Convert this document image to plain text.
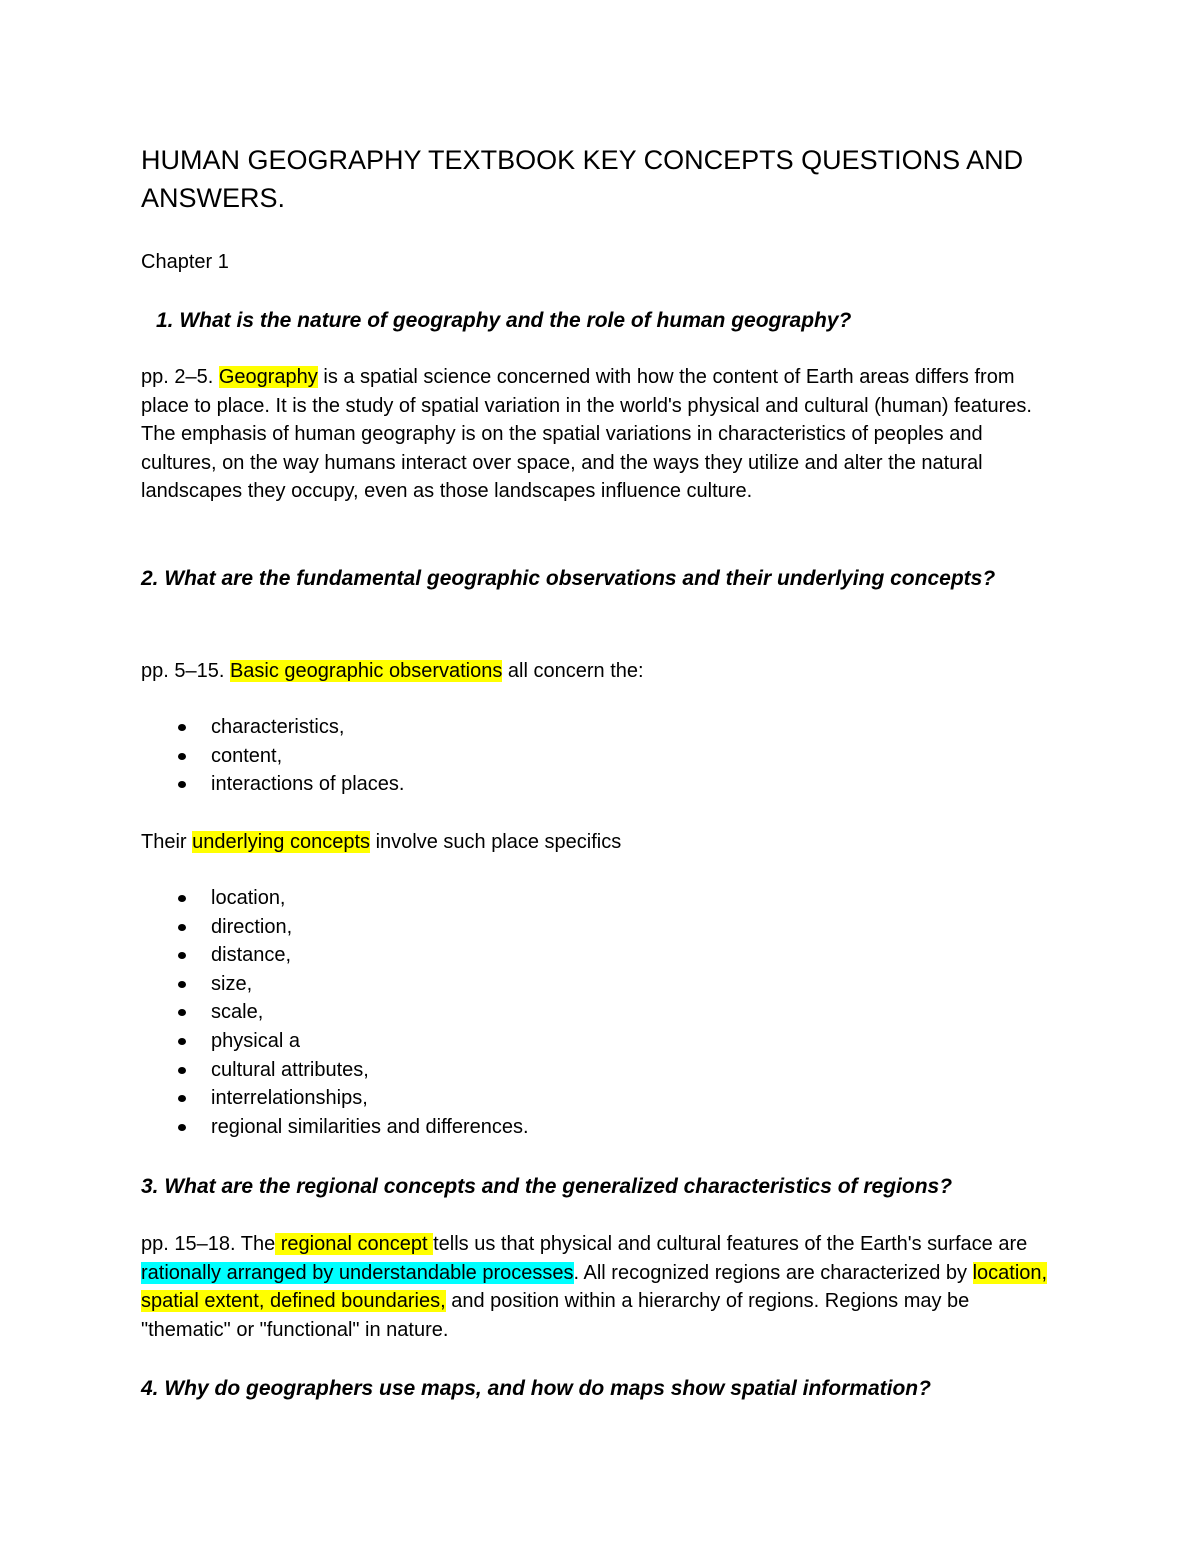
HUMAN GEOGRAPHY TEXTBOOK KEY CONCEPTS QUESTIONS AND ANSWERS.

Chapter 1

1. What is the nature of geography and the role of human geography?

pp. 2–5. Geography is a spatial science concerned with how the content of Earth areas differs from place to place. It is the study of spatial variation in the world's physical and cultural (human) features. The emphasis of human geography is on the spatial variations in characteristics of peoples and cultures, on the way humans interact over space, and the ways they utilize and alter the natural landscapes they occupy, even as those landscapes influence culture.

2. What are the fundamental geographic observations and their underlying concepts?

pp. 5–15. Basic geographic observations all concern the:

characteristics,
content,
interactions of places.

Their underlying concepts involve such place specifics

location,
direction,
distance,
size,
scale,
physical a
cultural attributes,
interrelationships,
regional similarities and differences.

3. What are the regional concepts and the generalized characteristics of regions?

pp. 15–18. The regional concept tells us that physical and cultural features of the Earth's surface are rationally arranged by understandable processes. All recognized regions are characterized by location, spatial extent, defined boundaries, and position within a hierarchy of regions. Regions may be "thematic" or "functional" in nature.

4. Why do geographers use maps, and how do maps show spatial information?
